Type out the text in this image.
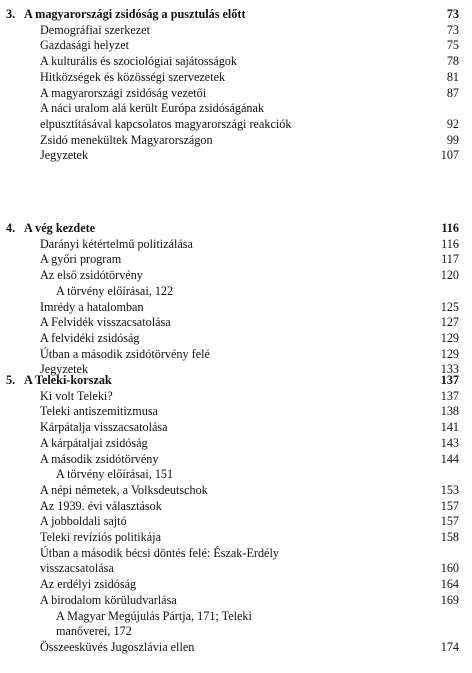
3. A magyarországi zsidóság a pusztulás előtt	73
Demográfiai szerkezet	73
Gazdasági helyzet	75
A kulturális és szociológiai sajátosságok	78
Hitközségek és közösségi szervezetek	81
A magyarországi zsidóság vezetői	87
A náci uralom alá került Európa zsidóságának
elpusztításával kapcsolatos magyarországi reakciók	92
Zsidó menekültek Magyarországon	99
Jegyzetek	107
4. A vég kezdete	116
Darányi kétértelmű politizálása	116
A győri program	117
Az első zsidótörvény	120
A törvény előírásai, 122
Imrédy a hatalomban	125
A Felvidék visszacsatolása	127
A felvidéki zsidóság	129
Útban a második zsidótörvény felé	129
Jegyzetek	133
5. A Teleki-korszak	137
Ki volt Teleki?	137
Teleki antiszemitizmusa	138
Kárpátalja visszacsatolása	141
A kárpátaljai zsidóság	143
A második zsidótörvény	144
A törvény előírásai, 151
A népi németek, a Volksdeutschok	153
Az 1939. évi választások	157
A jobboldali sajtó	157
Teleki revíziós politikája	158
Útban a második bécsi döntés felé: Észak-Erdély
visszacsatolása	160
Az erdélyi zsidóság	164
A birodalom körüludvarlása	169
A Magyar Megújulás Pártja, 171; Teleki
manőverei, 172
Összeesküvés Jugoszlávia ellen	174
